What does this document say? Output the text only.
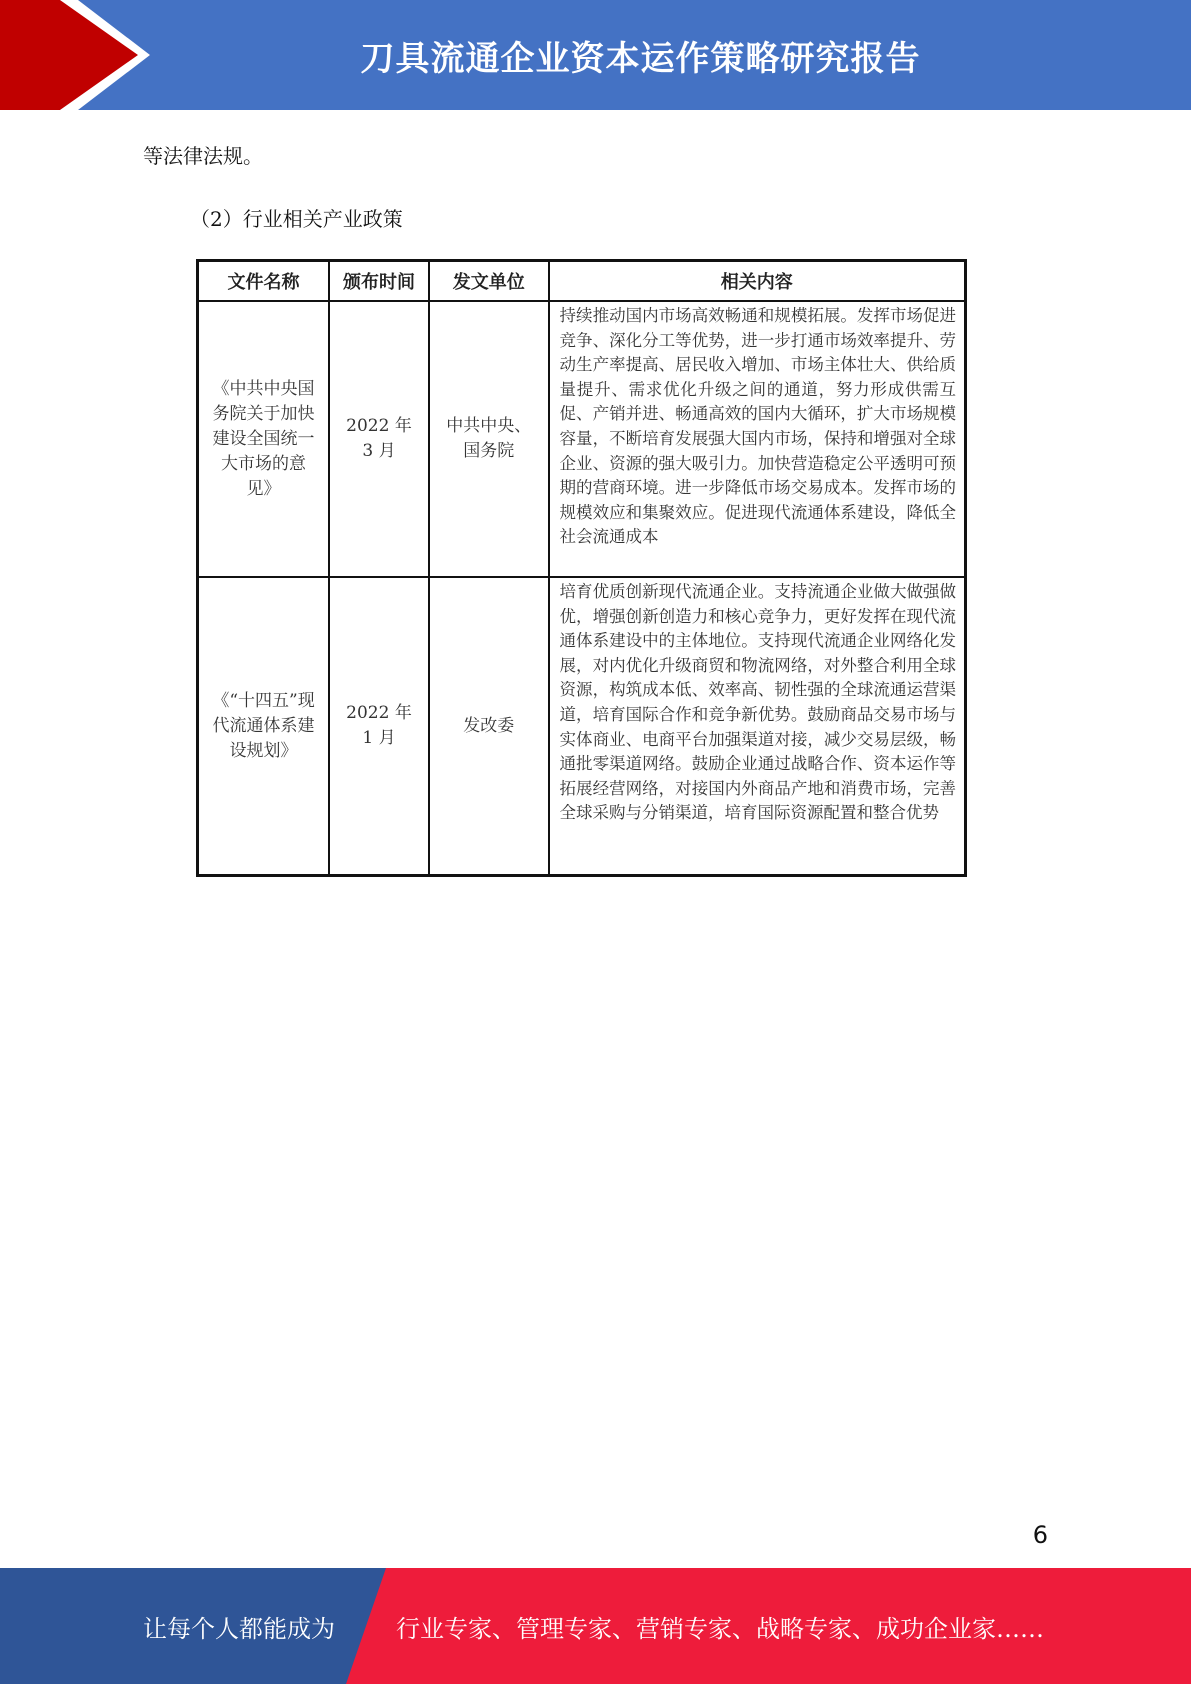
刀具流通企业资本运作策略研究报告
等法律法规。
（2）行业相关产业政策
文件名称	颁布时间	发文单位	相关内容
《中共中央国务院关于加快建设全国统一大市场的意见》	2022 年 3 月	中共中央、国务院	持续推动国内市场高效畅通和规模拓展。发挥市场促进竞争、深化分工等优势，进一步打通市场效率提升、劳动生产率提高、居民收入增加、市场主体壮大、供给质量提升、需求优化升级之间的通道，努力形成供需互促、产销并进、畅通高效的国内大循环，扩大市场规模容量，不断培育发展强大国内市场，保持和增强对全球企业、资源的强大吸引力。加快营造稳定公平透明可预期的营商环境。进一步降低市场交易成本。发挥市场的规模效应和集聚效应。促进现代流通体系建设，降低全社会流通成本
《“十四五”现代流通体系建设规划》	2022 年 1 月	发改委	培育优质创新现代流通企业。支持流通企业做大做强做优，增强创新创造力和核心竞争力，更好发挥在现代流通体系建设中的主体地位。支持现代流通企业网络化发展，对内优化升级商贸和物流网络，对外整合利用全球资源，构筑成本低、效率高、韧性强的全球流通运营渠道，培育国际合作和竞争新优势。鼓励商品交易市场与实体商业、电商平台加强渠道对接，减少交易层级，畅通批零渠道网络。鼓励企业通过战略合作、资本运作等拓展经营网络，对接国内外商品产地和消费市场，完善全球采购与分销渠道，培育国际资源配置和整合优势
6
让每个人都能成为	行业专家、管理专家、营销专家、战略专家、成功企业家……
